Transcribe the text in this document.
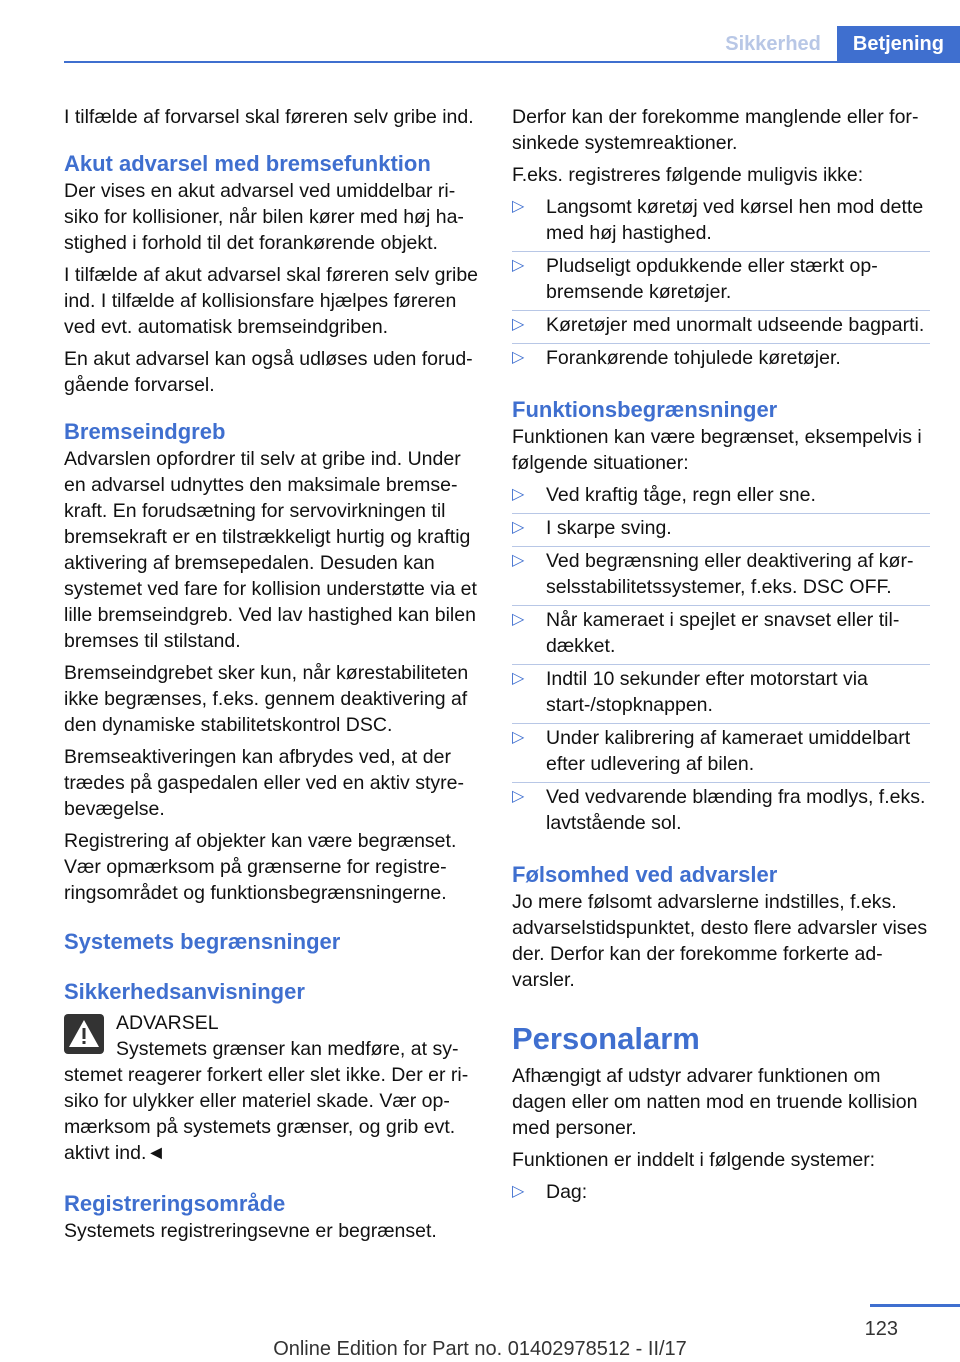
Sikkerhed	Betjening

I tilfælde af forvarsel skal føreren selv gribe ind.

Akut advarsel med bremsefunktion

Der vises en akut advarsel ved umiddelbar risiko for kollisioner, når bilen kører med høj hastighed i forhold til det forankørende objekt.

I tilfælde af akut advarsel skal føreren selv gribe ind. I tilfælde af kollisionsfare hjælpes føreren ved evt. automatisk bremseindgriben.

En akut advarsel kan også udløses uden forudgående forvarsel.

Bremseindgreb

Advarslen opfordrer til selv at gribe ind. Under en advarsel udnyttes den maksimale bremsekraft. En forudsætning for servovirkningen til bremsekraft er en tilstrækkeligt hurtig og kraftig aktivering af bremsepedalen. Desuden kan systemet ved fare for kollision understøtte via et lille bremseindgreb. Ved lav hastighed kan bilen bremses til stilstand.

Bremseindgrebet sker kun, når kørestabiliteten ikke begrænses, f.eks. gennem deaktivering af den dynamiske stabilitetskontrol DSC.

Bremseaktiveringen kan afbrydes ved, at der trædes på gaspedalen eller ved en aktiv styrebevægelse.

Registrering af objekter kan være begrænset. Vær opmærksom på grænserne for registreringsområdet og funktionsbegrænsningerne.

Systemets begrænsninger
Sikkerhedsanvisninger
ADVARSEL

Systemets grænser kan medføre, at systemet reagerer forkert eller slet ikke. Der er risiko for ulykker eller materiel skade. Vær opmærksom på systemets grænser, og grib evt. aktivt ind.◄

Registreringsområde

Systemets registreringsevne er begrænset.

Derfor kan der forekomme manglende eller forsinkede systemreaktioner.

F.eks. registreres følgende muligvis ikke:

▷ Langsomt køretøj ved kørsel hen mod dette med høj hastighed.
▷ Pludseligt opdukkende eller stærkt opbremsende køretøjer.
▷ Køretøjer med unormalt udseende bagparti.
▷ Forankørende tohjulede køretøjer.
Funktionsbegrænsninger

Funktionen kan være begrænset, eksempelvis i følgende situationer:

▷ Ved kraftig tåge, regn eller sne.
▷ I skarpe sving.
▷ Ved begrænsning eller deaktivering af kørselsstabilitetssystemer, f.eks. DSC OFF.
▷ Når kameraet i spejlet er snavset eller tildækket.
▷ Indtil 10 sekunder efter motorstart via start-/stopknappen.
▷ Under kalibrering af kameraet umiddelbart efter udlevering af bilen.
▷ Ved vedvarende blænding fra modlys, f.eks. lavtstående sol.
Følsomhed ved advarsler

Jo mere følsomt advarslerne indstilles, f.eks. advarselstidspunktet, desto flere advarsler vises der. Derfor kan der forekomme forkerte advarsler.

Personalarm

Afhængigt af udstyr advarer funktionen om dagen eller om natten mod en truende kollision med personer.

Funktionen er inddelt i følgende systemer:

▷ Dag:
123
Online Edition for Part no. 01402978512 - II/17
